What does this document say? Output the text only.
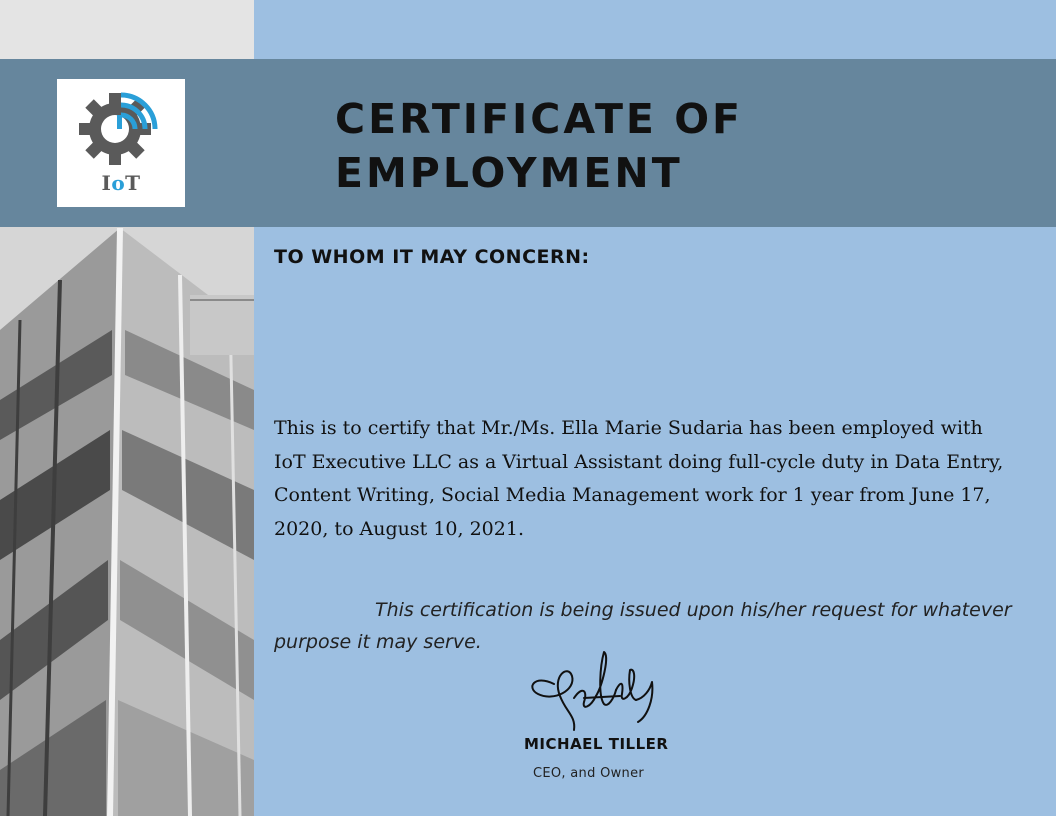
IoT
CERTIFICATE OF
EMPLOYMENT
TO WHOM IT MAY CONCERN:
This is to certify that Mr./Ms. Ella Marie Sudaria has been employed with IoT Executive LLC as a Virtual Assistant doing full-cycle duty in Data Entry, Content Writing, Social Media Management work for 1 year from June 17, 2020, to August 10, 2021.
This certification is being issued upon his/her request for whatever purpose it may serve.
MICHAEL TILLER
CEO, and Owner
